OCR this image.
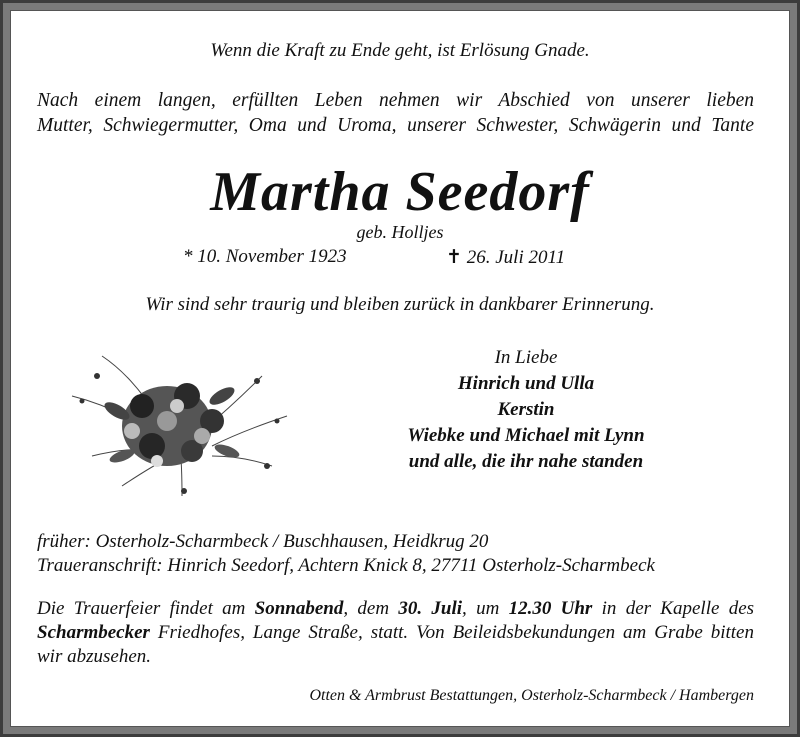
Wenn die Kraft zu Ende geht, ist Erlösung Gnade.
Nach einem langen, erfüllten Leben nehmen wir Abschied von unserer lieben
Mutter, Schwiegermutter, Oma und Uroma, unserer Schwester, Schwägerin und Tante
Martha Seedorf
geb. Holljes
* 10. November 1923	✝ 26. Juli 2011
Wir sind sehr traurig und bleiben zurück in dankbarer Erinnerung.
In Liebe
Hinrich und Ulla
Kerstin
Wiebke und Michael mit Lynn
und alle, die ihr nahe standen
früher: Osterholz-Scharmbeck / Buschhausen, Heidkrug 20
Traueranschrift: Hinrich Seedorf, Achtern Knick 8, 27711 Osterholz-Scharmbeck
Die Trauerfeier findet am Sonnabend, dem 30. Juli, um 12.30 Uhr in der Kapelle des Scharmbecker Friedhofes, Lange Straße, statt. Von Beileidsbekundungen am Grabe bitten wir abzusehen.
Otten & Armbrust Bestattungen, Osterholz-Scharmbeck / Hambergen
